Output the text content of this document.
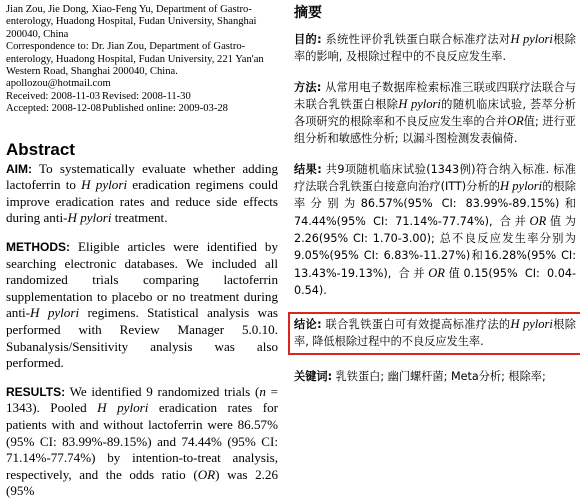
Jian Zou, Jie Dong, Xiao-Feng Yu, Department of Gastro-enterology, Huadong Hospital, Fudan University, Shanghai 200040, China

Correspondence to: Dr. Jian Zou, Department of Gastro-enterology, Huadong Hospital, Fudan University, 221 Yan'an Western Road, Shanghai 200040, China. apollozou@hotmail.com

Received: 2008-11-03 Revised: 2008-11-30

Accepted: 2008-12-08Published online: 2009-03-28

Abstract

AIM: To systematically evaluate whether adding lactoferrin to H pylori eradication regimens could improve eradication rates and reduce side effects during anti-H pylori treatment.

METHODS: Eligible articles were identified by searching electronic databases. We included all randomized trials comparing lactoferrin supplementation to placebo or no treatment during anti-H pylori regimens. Statistical analysis was performed with Review Manager 5.0.10. Subanalysis/Sensitivity analysis was also performed.

RESULTS: We identified 9 randomized trials (n = 1343). Pooled H pylori eradication rates for patients with and without lactoferrin were 86.57% (95% CI: 83.99%-89.15%) and 74.44% (95% CI: 71.14%-77.74%) by intention-to-treat analysis, respectively, and the odds ratio (OR) was 2.26 (95%

摘要

目的: 系统性评价乳铁蛋白联合标准疗法对H pylori根除率的影响, 及根除过程中的不良反应发生率.

方法: 从常用电子数据库检索标准三联或四联疗法联合与未联合乳铁蛋白根除H pylori的随机临床试验, 荟萃分析各项研究的根除率和不良反应发生率的合并OR值; 进行亚组分析和敏感性分析; 以漏斗图检测发表偏倚.

结果: 共9项随机临床试验(1343例)符合纳入标准. 标准疗法联合乳铁蛋白接意向治疗(ITT)分析的H pylori的根除率分别为86.57%(95% CI: 83.99%-89.15%)和74.44%(95% CI: 71.14%-77.74%), 合并OR值为2.26(95% CI: 1.70-3.00); 总不良反应发生率分别为9.05%(95% CI: 6.83%-11.27%)和16.28%(95% CI: 13.43%-19.13%), 合并OR值0.15(95% CI: 0.04-0.54).

结论: 联合乳铁蛋白可有效提高标准疗法的H pylori根除率, 降低根除过程中的不良反应发生率.

关键词: 乳铁蛋白; 幽门螺杆菌; Meta分析; 根除率;
